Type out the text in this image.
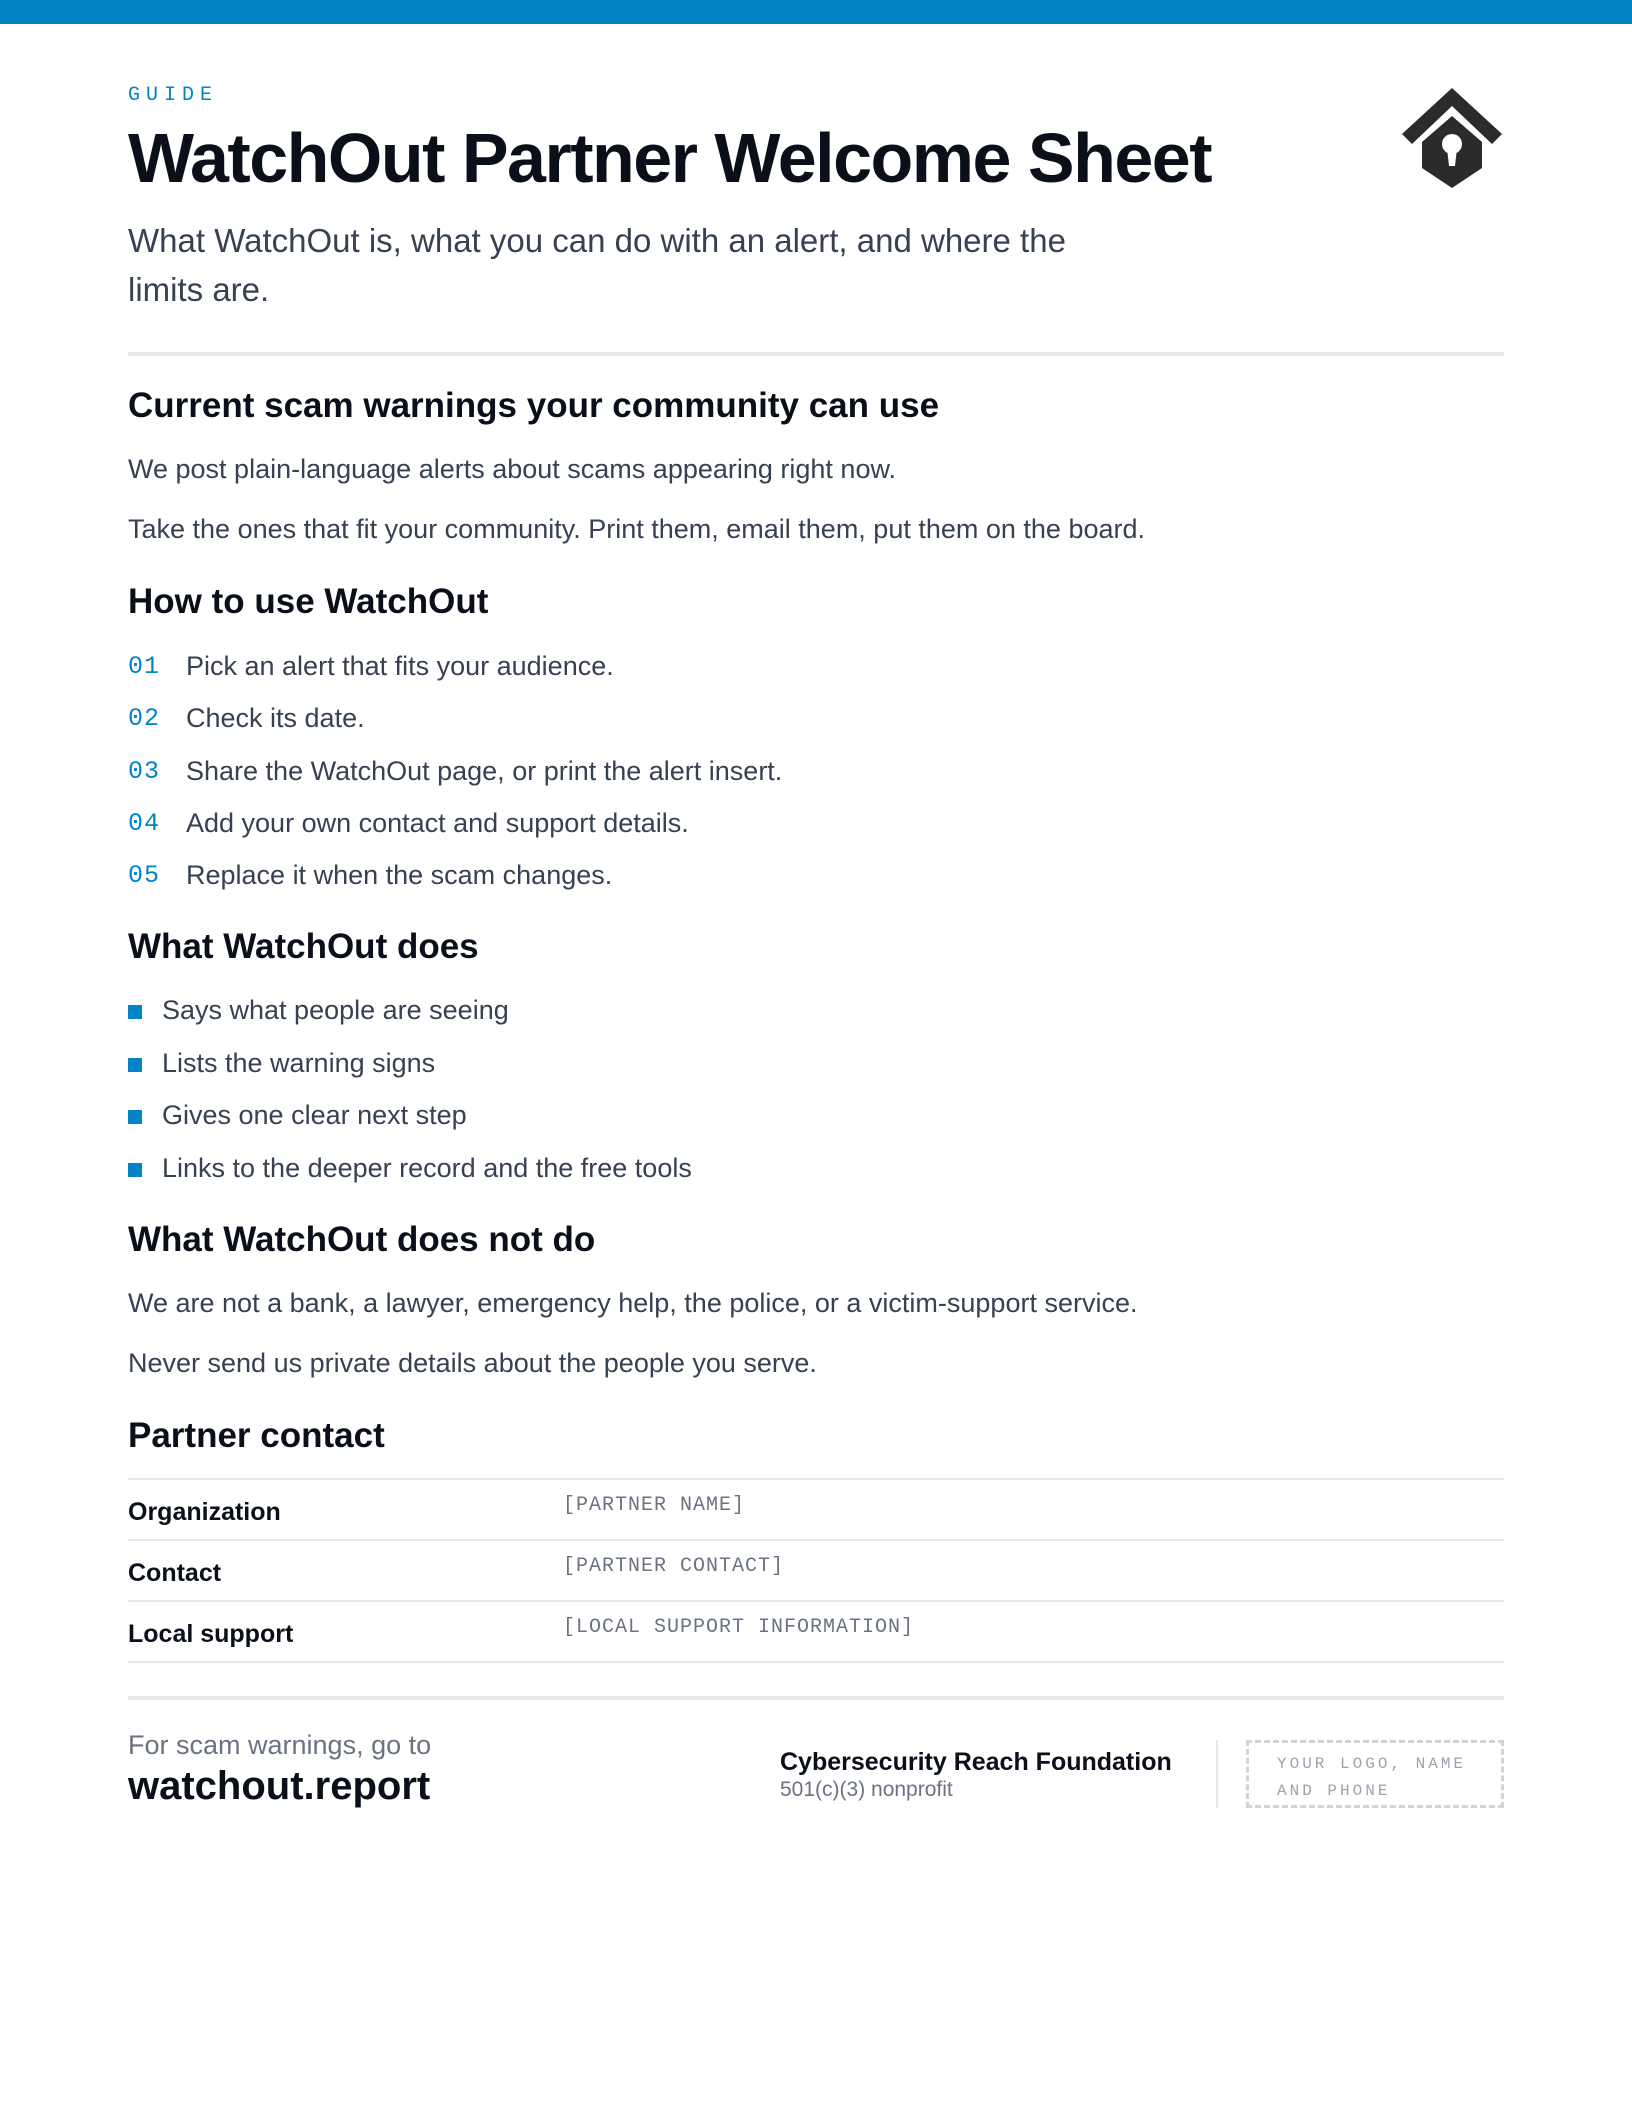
GUIDE
WatchOut Partner Welcome Sheet
What WatchOut is, what you can do with an alert, and where the limits are.
Current scam warnings your community can use
We post plain-language alerts about scams appearing right now.
Take the ones that fit your community. Print them, email them, put them on the board.
How to use WatchOut
01 Pick an alert that fits your audience.
02 Check its date.
03 Share the WatchOut page, or print the alert insert.
04 Add your own contact and support details.
05 Replace it when the scam changes.
What WatchOut does
Says what people are seeing
Lists the warning signs
Gives one clear next step
Links to the deeper record and the free tools
What WatchOut does not do
We are not a bank, a lawyer, emergency help, the police, or a victim-support service.
Never send us private details about the people you serve.
Partner contact
Organization	[PARTNER NAME]
Contact	[PARTNER CONTACT]
Local support	[LOCAL SUPPORT INFORMATION]
For scam warnings, go to
watchout.report
Cybersecurity Reach Foundation
501(c)(3) nonprofit
YOUR LOGO, NAME
AND PHONE
